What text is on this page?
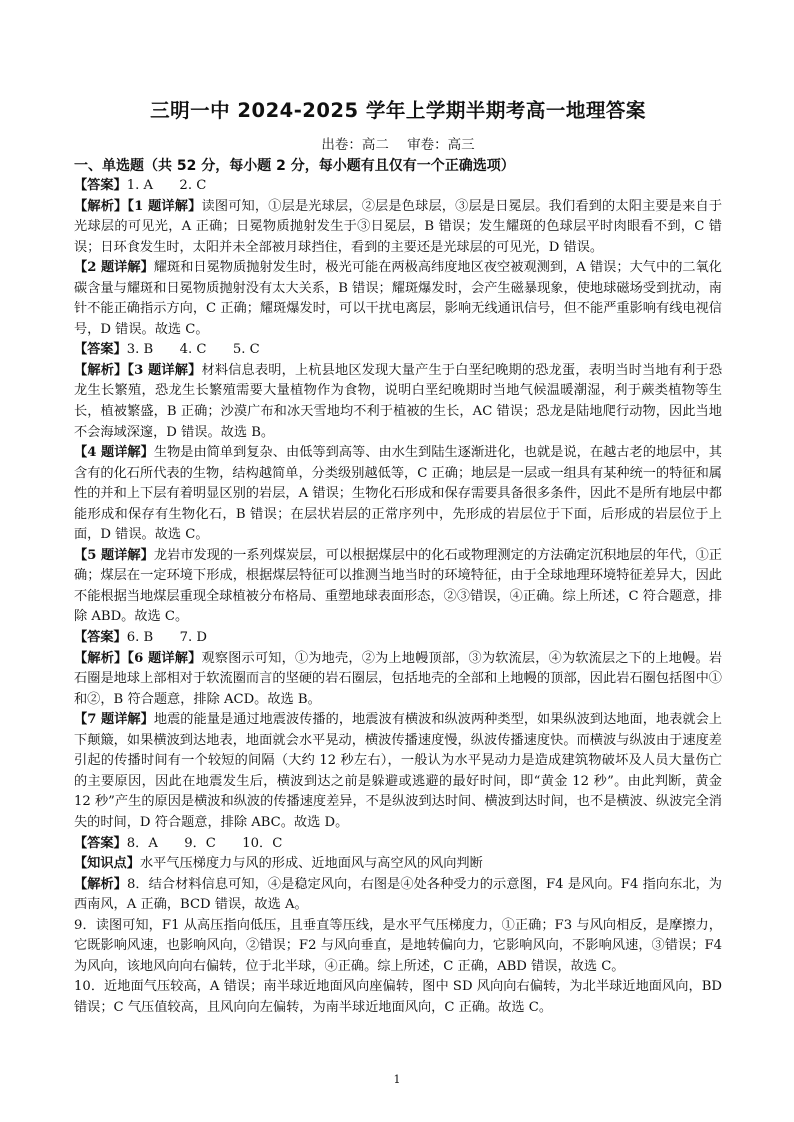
三明一中 2024-2025 学年上学期半期考高一地理答案
出卷：高二 审卷：高三
一、单选题（共 52 分，每小题 2 分，每小题有且仅有一个正确选项）

【答案】1. A　　2. C

【解析】【1 题详解】读图可知，①层是光球层，②层是色球层，③层是日冕层。我们看到的太阳主要是来自于光球层的可见光，A 正确；日冕物质抛射发生于③日冕层，B 错误；发生耀斑的色球层平时肉眼看不到，C 错误；日环食发生时，太阳并未全部被月球挡住，看到的主要还是光球层的可见光，D 错误。

【2 题详解】耀斑和日冕物质抛射发生时，极光可能在两极高纬度地区夜空被观测到，A 错误；大气中的二氧化碳含量与耀斑和日冕物质抛射没有太大关系，B 错误；耀斑爆发时，会产生磁暴现象，使地球磁场受到扰动，南针不能正确指示方向，C 正确；耀斑爆发时，可以干扰电离层，影响无线通讯信号，但不能严重影响有线电视信号，D 错误。故选 C。

【答案】3. B　　4. C　　5. C

【解析】【3 题详解】材料信息表明，上杭县地区发现大量产生于白垩纪晚期的恐龙蛋，表明当时当地有利于恐龙生长繁殖，恐龙生长繁殖需要大量植物作为食物，说明白垩纪晚期时当地气候温暖潮湿，利于蕨类植物等生长，植被繁盛，B 正确；沙漠广布和冰天雪地均不利于植被的生长，AC 错误；恐龙是陆地爬行动物，因此当地不会海域深邃，D 错误。故选 B。

【4 题详解】生物是由简单到复杂、由低等到高等、由水生到陆生逐渐进化，也就是说，在越古老的地层中，其含有的化石所代表的生物，结构越简单，分类级别越低等，C 正确；地层是一层或一组具有某种统一的特征和属性的并和上下层有着明显区别的岩层，A 错误；生物化石形成和保存需要具备很多条件，因此不是所有地层中都能形成和保存有生物化石，B 错误；在层状岩层的正常序列中，先形成的岩层位于下面，后形成的岩层位于上面，D 错误。故选 C。

【5 题详解】龙岩市发现的一系列煤炭层，可以根据煤层中的化石或物理测定的方法确定沉积地层的年代，①正确；煤层在一定环境下形成，根据煤层特征可以推测当地当时的环境特征，由于全球地理环境特征差异大，因此不能根据当地煤层重现全球植被分布格局、重塑地球表面形态，②③错误，④正确。综上所述，C 符合题意，排除 ABD。故选 C。

【答案】6. B　　7. D

【解析】【6 题详解】观察图示可知，①为地壳，②为上地幔顶部，③为软流层，④为软流层之下的上地幔。岩石圈是地球上部相对于软流圈而言的坚硬的岩石圈层，包括地壳的全部和上地幔的顶部，因此岩石圈包括图中①和②，B 符合题意，排除 ACD。故选 B。

【7 题详解】地震的能量是通过地震波传播的，地震波有横波和纵波两种类型，如果纵波到达地面，地表就会上下颠簸，如果横波到达地表，地面就会水平晃动，横波传播速度慢，纵波传播速度快。而横波与纵波由于速度差引起的传播时间有一个较短的间隔（大约 12 秒左右），一般认为水平晃动力是造成建筑物破坏及人员大量伤亡的主要原因，因此在地震发生后，横波到达之前是躲避或逃避的最好时间，即“黄金 12 秒”。由此判断，黄金 12 秒”产生的原因是横波和纵波的传播速度差异，不是纵波到达时间、横波到达时间，也不是横波、纵波完全消失的时间，D 符合题意，排除 ABC。故选 D。

【答案】8．A　　9．C　　10．C

【知识点】水平气压梯度力与风的形成、近地面风与高空风的风向判断

【解析】8．结合材料信息可知，④是稳定风向，右图是④处各种受力的示意图，F4 是风向。F4 指向东北，为西南风，A 正确，BCD 错误，故选 A。

9．读图可知，F1 从高压指向低压，且垂直等压线，是水平气压梯度力，①正确；F3 与风向相反，是摩擦力，它既影响风速，也影响风向，②错误；F2 与风向垂直，是地转偏向力，它影响风向，不影响风速，③错误；F4 为风向，该地风向向右偏转，位于北半球，④正确。综上所述，C 正确，ABD 错误，故选 C。

10．近地面气压较高，A 错误；南半球近地面风向座偏转，图中 SD 风向向右偏转，为北半球近地面风向，BD 错误；C 气压值较高，且风向向左偏转，为南半球近地面风向，C 正确。故选 C。

1
